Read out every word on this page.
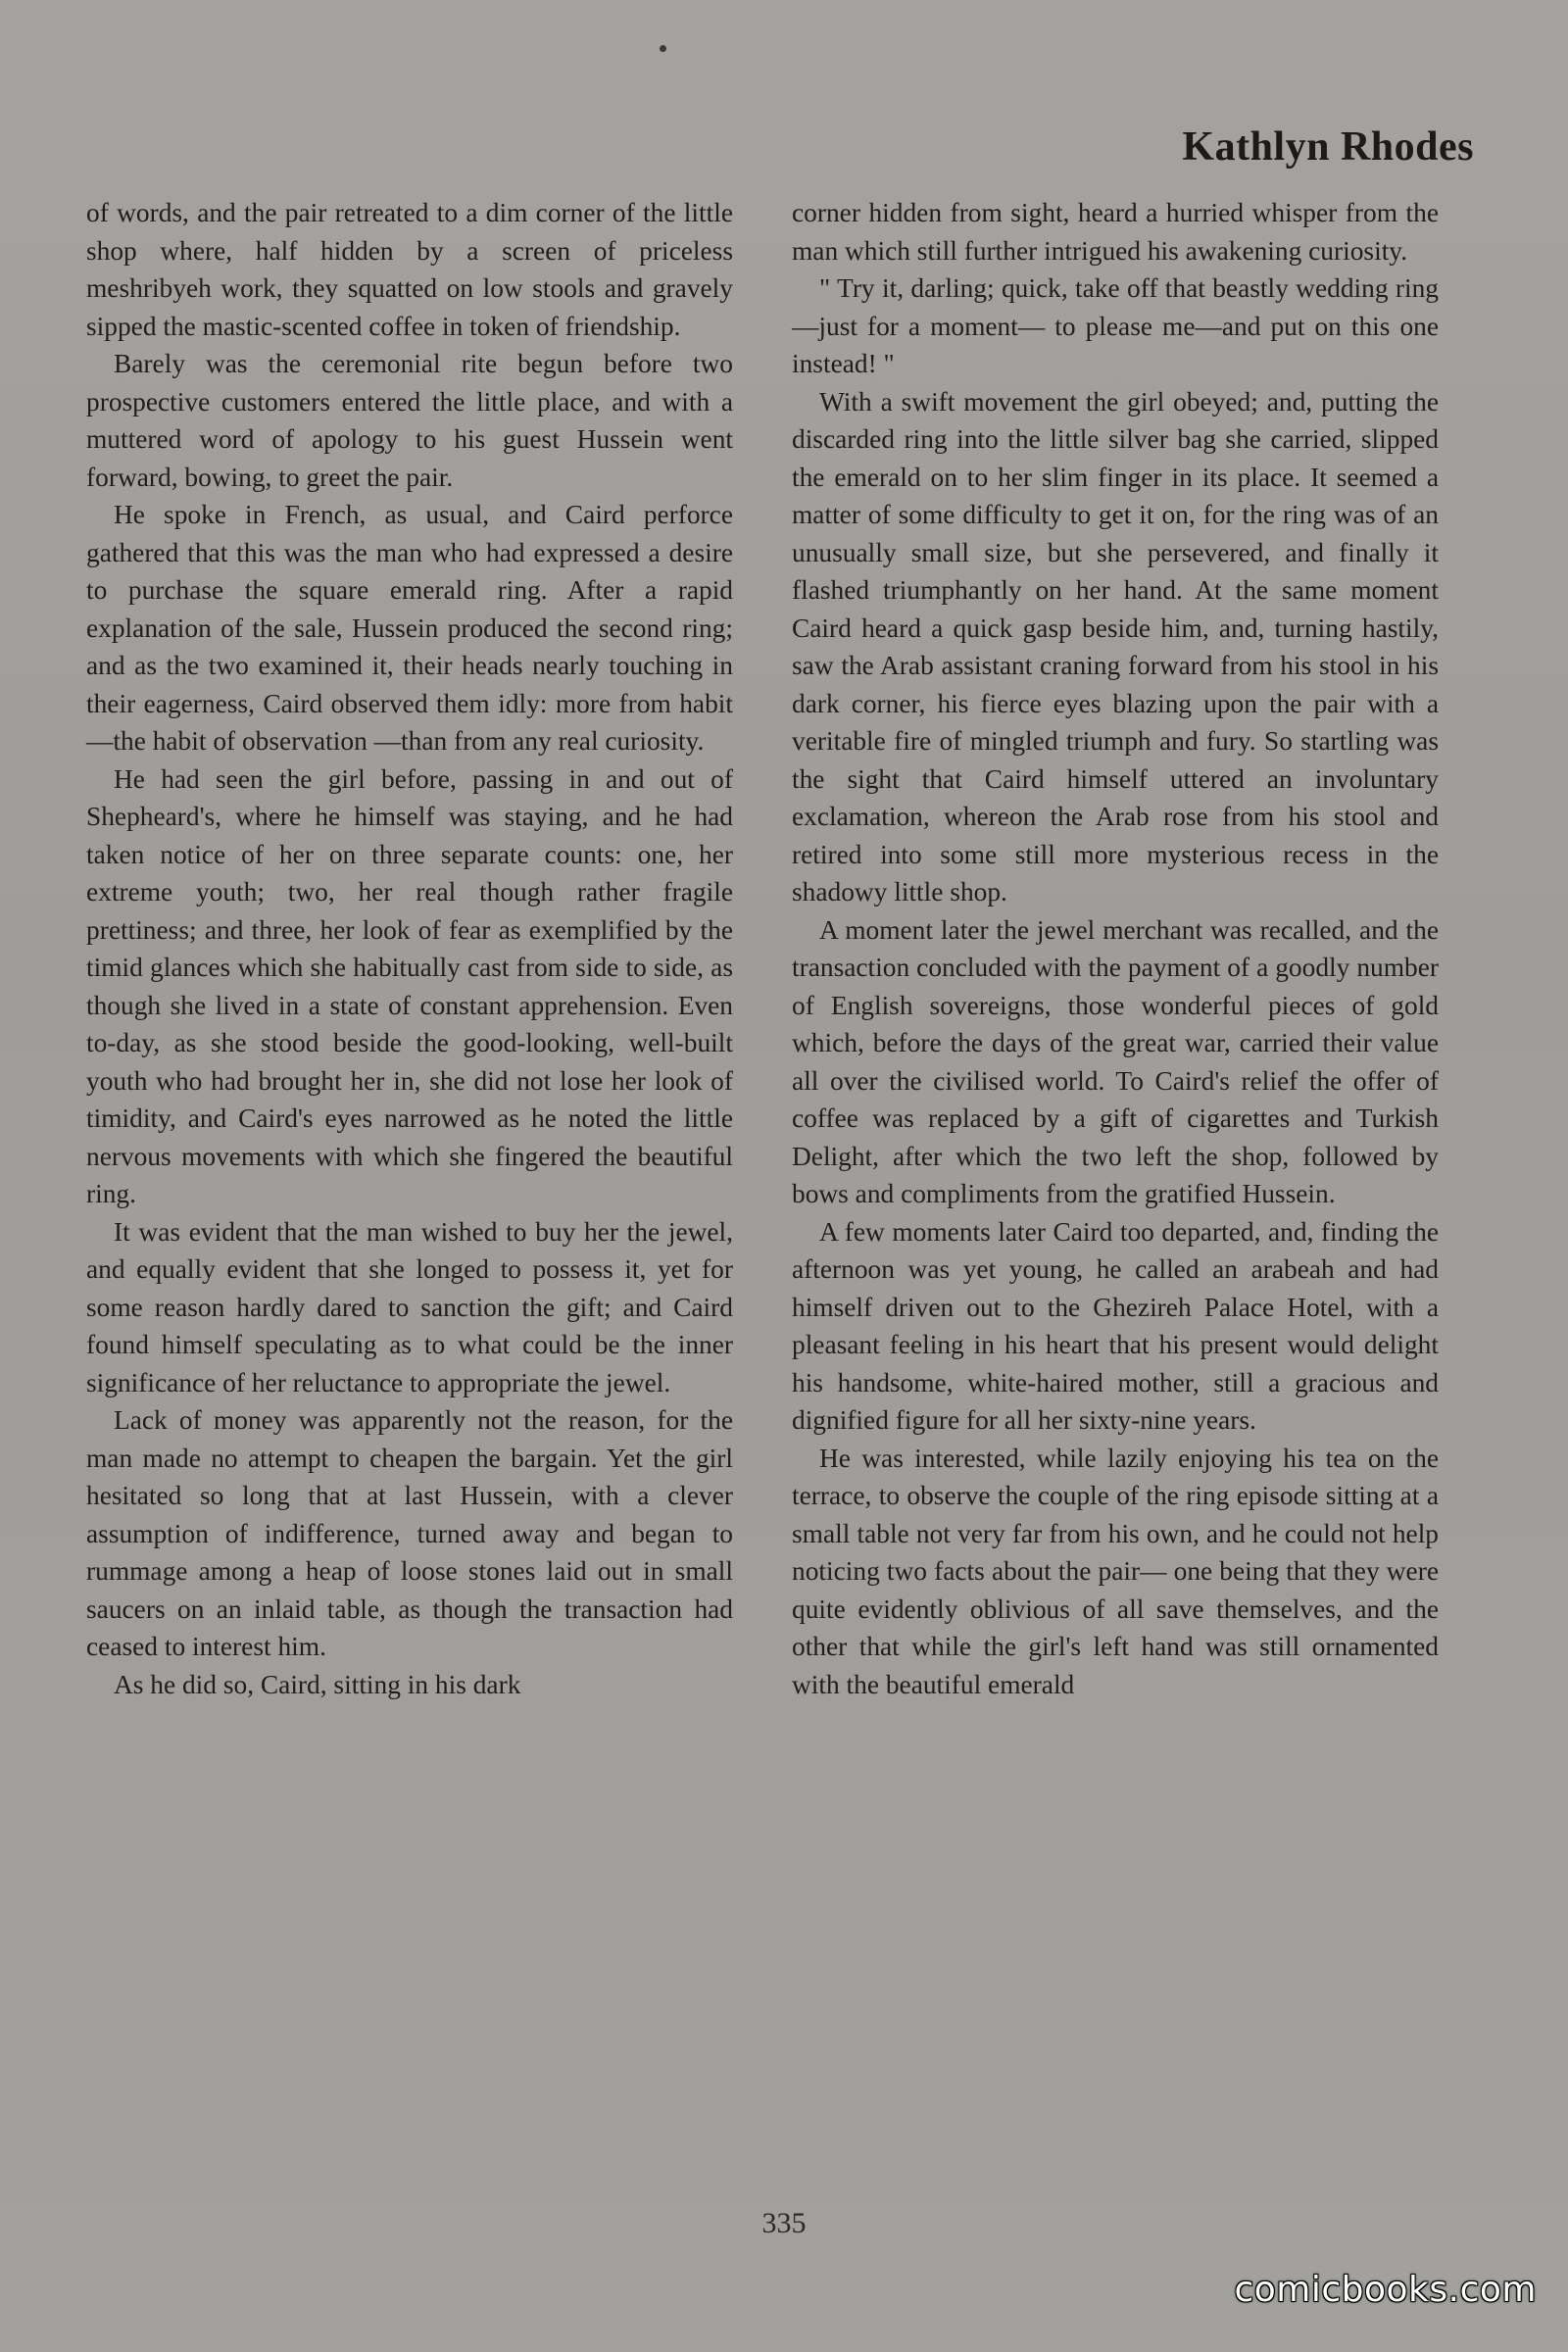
Kathlyn Rhodes

of words, and the pair retreated to a dim corner of the little shop where, half hidden by a screen of priceless meshribyeh work, they squatted on low stools and gravely sipped the mastic-scented coffee in token of friendship.

Barely was the ceremonial rite begun before two prospective customers entered the little place, and with a muttered word of apology to his guest Hussein went forward, bowing, to greet the pair.

He spoke in French, as usual, and Caird perforce gathered that this was the man who had expressed a desire to purchase the square emerald ring. After a rapid explanation of the sale, Hussein produced the second ring; and as the two examined it, their heads nearly touching in their eagerness, Caird observed them idly: more from habit—the habit of observation —than from any real curiosity.

He had seen the girl before, passing in and out of Shepheard's, where he himself was staying, and he had taken notice of her on three separate counts: one, her extreme youth; two, her real though rather fragile prettiness; and three, her look of fear as exemplified by the timid glances which she habitually cast from side to side, as though she lived in a state of constant apprehension. Even to-day, as she stood beside the good-looking, well-built youth who had brought her in, she did not lose her look of timidity, and Caird's eyes narrowed as he noted the little nervous movements with which she fingered the beautiful ring.

It was evident that the man wished to buy her the jewel, and equally evident that she longed to possess it, yet for some reason hardly dared to sanction the gift; and Caird found himself speculating as to what could be the inner significance of her reluctance to appropriate the jewel.

Lack of money was apparently not the reason, for the man made no attempt to cheapen the bargain. Yet the girl hesitated so long that at last Hussein, with a clever assumption of indifference, turned away and began to rummage among a heap of loose stones laid out in small saucers on an inlaid table, as though the transaction had ceased to interest him.

As he did so, Caird, sitting in his dark

corner hidden from sight, heard a hurried whisper from the man which still further intrigued his awakening curiosity.

" Try it, darling; quick, take off that beastly wedding ring—just for a moment— to please me—and put on this one instead! "

With a swift movement the girl obeyed; and, putting the discarded ring into the little silver bag she carried, slipped the emerald on to her slim finger in its place. It seemed a matter of some difficulty to get it on, for the ring was of an unusually small size, but she persevered, and finally it flashed triumphantly on her hand. At the same moment Caird heard a quick gasp beside him, and, turning hastily, saw the Arab assistant craning forward from his stool in his dark corner, his fierce eyes blazing upon the pair with a veritable fire of mingled triumph and fury. So startling was the sight that Caird himself uttered an involuntary exclamation, whereon the Arab rose from his stool and retired into some still more mysterious recess in the shadowy little shop.

A moment later the jewel merchant was recalled, and the transaction concluded with the payment of a goodly number of English sovereigns, those wonderful pieces of gold which, before the days of the great war, carried their value all over the civilised world. To Caird's relief the offer of coffee was replaced by a gift of cigarettes and Turkish Delight, after which the two left the shop, followed by bows and compliments from the gratified Hussein.

A few moments later Caird too departed, and, finding the afternoon was yet young, he called an arabeah and had himself driven out to the Ghezireh Palace Hotel, with a pleasant feeling in his heart that his present would delight his handsome, white-haired mother, still a gracious and dignified figure for all her sixty-nine years.

He was interested, while lazily enjoying his tea on the terrace, to observe the couple of the ring episode sitting at a small table not very far from his own, and he could not help noticing two facts about the pair— one being that they were quite evidently oblivious of all save themselves, and the other that while the girl's left hand was still ornamented with the beautiful emerald

335
comicbooks.com
